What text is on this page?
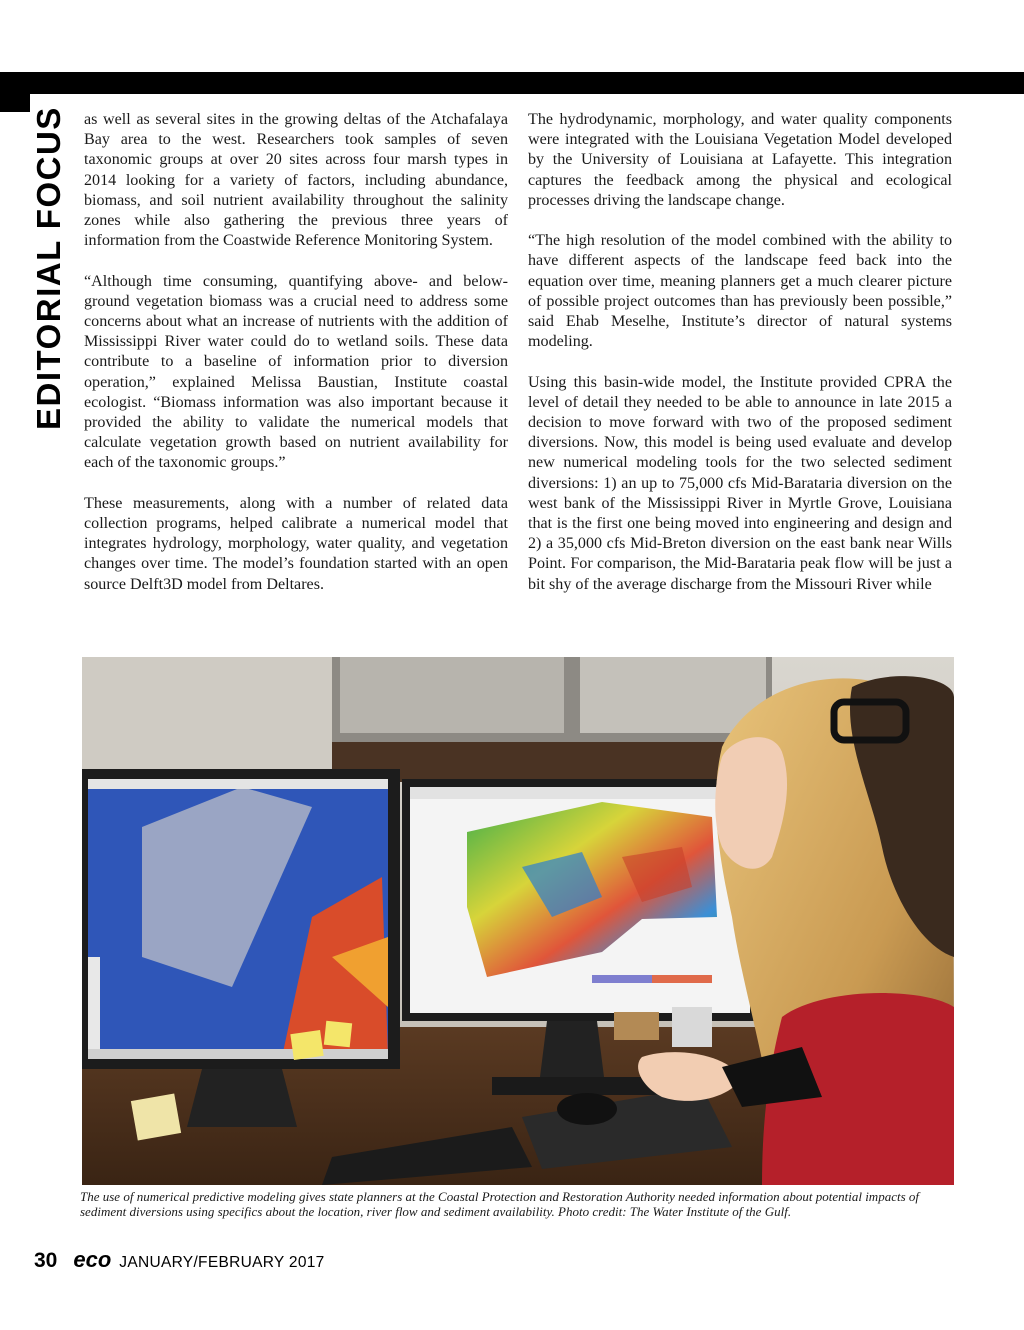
EDITORIAL FOCUS as well as several sites in the growing deltas of the Atchafalaya Bay area to the west. Researchers took samples of seven taxonomic groups at over 20 sites across four marsh types in 2014 looking for a variety of factors, including abundance, biomass, and soil nutrient availability throughout the salinity zones while also gathering the previous three years of information from the Coastwide Reference Monitoring System.

“Although time consuming, quantifying above- and below-ground vegetation biomass was a crucial need to address some concerns about what an increase of nutrients with the addition of Mississippi River water could do to wetland soils. These data contribute to a baseline of information prior to diversion operation,” explained Melissa Baustian, Institute coastal ecologist. “Biomass information was also important because it provided the ability to validate the numerical models that calculate vegetation growth based on nutrient availability for each of the taxonomic groups.”

These measurements, along with a number of related data collection programs, helped calibrate a numerical model that integrates hydrology, morphology, water quality, and vegetation changes over time. The model’s foundation started with an open source Delft3D model from Deltares.

The hydrodynamic, morphology, and water quality components were integrated with the Louisiana Vegetation Model developed by the University of Louisiana at Lafayette. This integration captures the feedback among the physical and ecological processes driving the landscape change.

“The high resolution of the model combined with the ability to have different aspects of the landscape feed back into the equation over time, meaning planners get a much clearer picture of possible project outcomes than has previously been possible,” said Ehab Meselhe, Institute’s director of natural systems modeling.

Using this basin-wide model, the Institute provided CPRA the level of detail they needed to be able to announce in late 2015 a decision to move forward with two of the proposed sediment diversions. Now, this model is being used evaluate and develop new numerical modeling tools for the two selected sediment diversions: 1) an up to 75,000 cfs Mid-Barataria diversion on the west bank of the Mississippi River in Myrtle Grove, Louisiana that is the first one being moved into engineering and design and 2) a 35,000 cfs Mid-Breton diversion on the east bank near Wills Point. For comparison, the Mid-Barataria peak flow will be just a bit shy of the average discharge from the Missouri River while

The use of numerical predictive modeling gives state planners at the Coastal Protection and Restoration Authority needed information about potential impacts of sediment diversions using specifics about the location, river flow and sediment availability. Photo credit: The Water Institute of the Gulf.
30 eco JANUARY/FEBRUARY 2017
